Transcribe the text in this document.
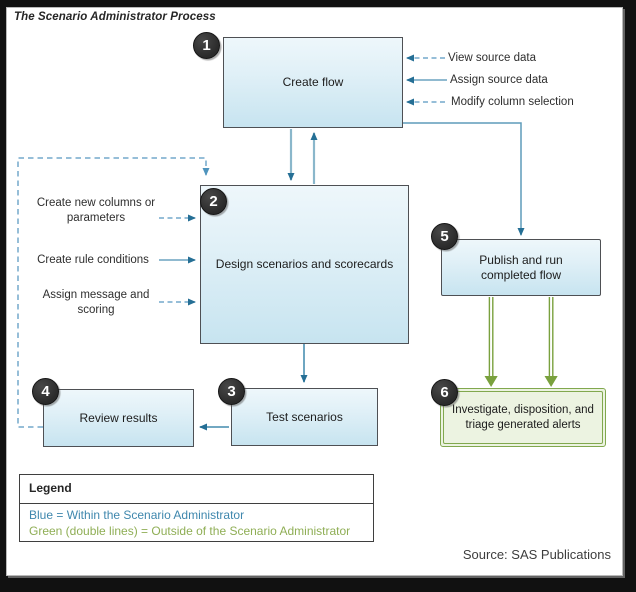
The Scenario Administrator Process
1
Create flow
2
Design scenarios and scorecards
3
Test scenarios
4
Review results
5
Publish and run completed flow
6
Investigate, disposition, and triage generated alerts
View source data
Assign source data
Modify column selection
Create new columns or parameters
Create rule conditions
Assign message and scoring
Legend
Blue = Within the Scenario Administrator
Green (double lines) = Outside of the Scenario Administrator
Source: SAS Publications
